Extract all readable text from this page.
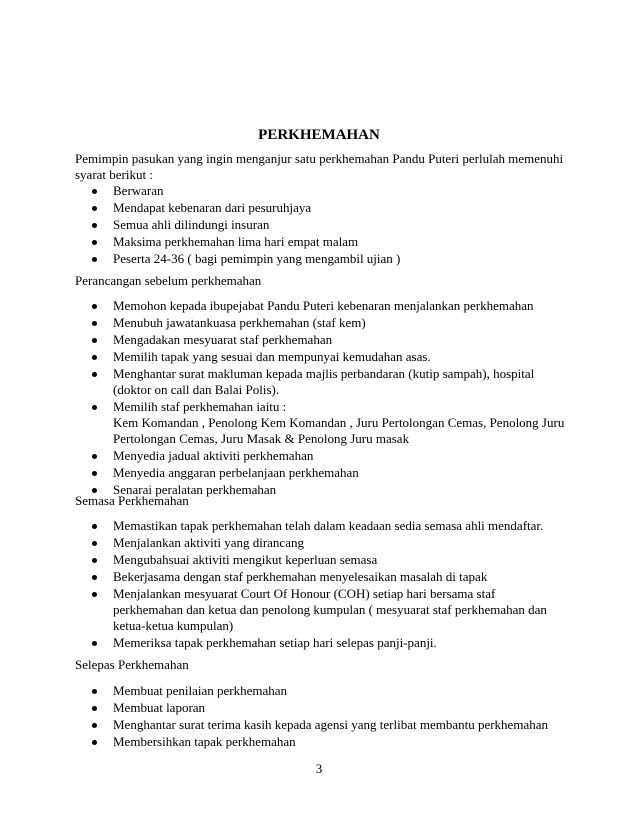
PERKHEMAHAN

Pemimpin pasukan yang ingin menganjur satu perkhemahan Pandu Puteri perlulah memenuhi syarat berikut :

Berwaran
Mendapat kebenaran dari pesuruhjaya
Semua ahli dilindungi insuran
Maksima perkhemahan lima hari empat malam
Peserta 24-36 ( bagi pemimpin yang mengambil ujian )
Perancangan sebelum perkhemahan
Memohon kepada ibupejabat Pandu Puteri kebenaran menjalankan perkhemahan
Menubuh jawatankuasa perkhemahan (staf kem)
Mengadakan mesyuarat staf perkhemahan
Memilih tapak yang sesuai dan mempunyai kemudahan asas.
Menghantar surat makluman kepada majlis perbandaran (kutip sampah), hospital (doktor on call dan Balai Polis).
Memilih staf perkhemahan iaitu :
Kem Komandan , Penolong Kem Komandan , Juru Pertolongan Cemas, Penolong Juru Pertolongan Cemas, Juru Masak & Penolong Juru masak
Menyedia jadual aktiviti perkhemahan
Menyedia anggaran perbelanjaan perkhemahan
Senarai peralatan perkhemahan
Semasa Perkhemahan
Memastikan tapak perkhemahan telah dalam keadaan sedia semasa ahli mendaftar.
Menjalankan aktiviti yang dirancang
Mengubahsuai aktiviti mengikut keperluan semasa
Bekerjasama dengan staf perkhemahan menyelesaikan masalah di tapak
Menjalankan mesyuarat Court Of Honour (COH) setiap hari bersama staf perkhemahan dan ketua dan penolong kumpulan ( mesyuarat staf perkhemahan dan ketua-ketua kumpulan)
Memeriksa tapak perkhemahan setiap hari selepas panji-panji.
Selepas Perkhemahan
Membuat penilaian perkhemahan
Membuat laporan
Menghantar surat terima kasih kepada agensi yang terlibat membantu perkhemahan
Membersihkan tapak perkhemahan
3
